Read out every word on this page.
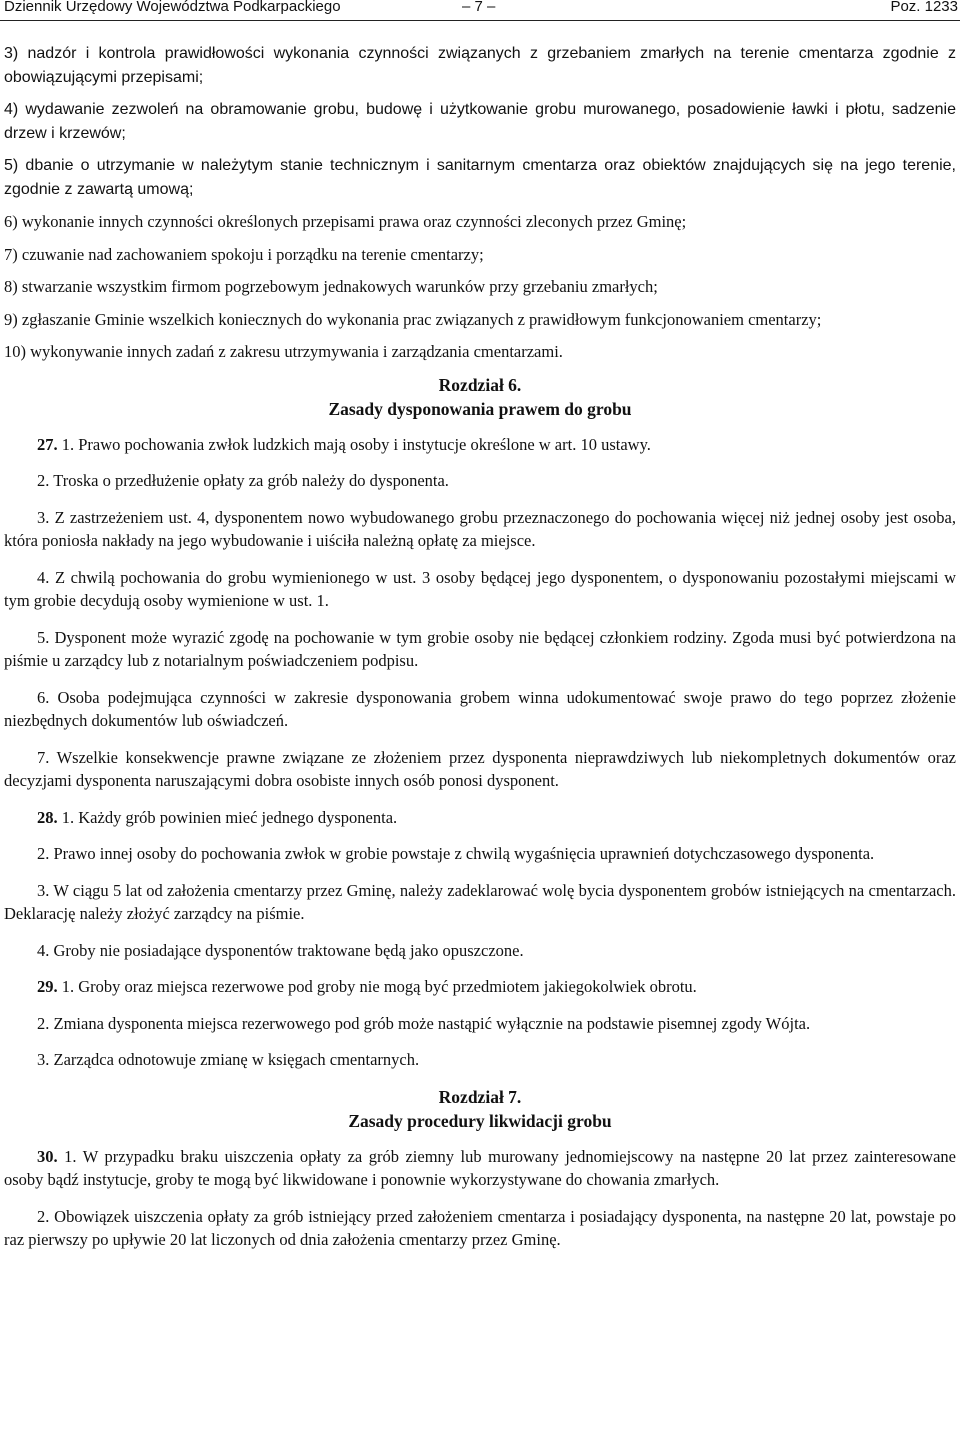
Dziennik Urzędowy Województwa Podkarpackiego	– 7 –	Poz. 1233

3) nadzór i kontrola prawidłowości wykonania czynności związanych z grzebaniem zmarłych na terenie cmentarza zgodnie z obowiązującymi przepisami;

4) wydawanie zezwoleń na obramowanie grobu, budowę i użytkowanie grobu murowanego, posadowienie ławki i płotu, sadzenie drzew i krzewów;

5) dbanie o utrzymanie w należytym stanie technicznym i sanitarnym cmentarza oraz obiektów znajdujących się na jego terenie, zgodnie z zawartą umową;

6) wykonanie innych czynności określonych przepisami prawa oraz czynności zleconych przez Gminę;

7) czuwanie nad zachowaniem spokoju i porządku na terenie cmentarzy;

8) stwarzanie wszystkim firmom pogrzebowym jednakowych warunków przy grzebaniu zmarłych;

9) zgłaszanie Gminie wszelkich koniecznych do wykonania prac związanych z prawidłowym funkcjonowaniem cmentarzy;

10) wykonywanie innych zadań z zakresu utrzymywania i zarządzania cmentarzami.

Rozdział 6.
Zasady dysponowania prawem do grobu

27. 1. Prawo pochowania zwłok ludzkich mają osoby i instytucje określone w art. 10 ustawy.

2. Troska o przedłużenie opłaty za grób należy do dysponenta.

3. Z zastrzeżeniem ust. 4, dysponentem nowo wybudowanego grobu przeznaczonego do pochowania więcej niż jednej osoby jest osoba, która poniosła nakłady na jego wybudowanie i uiściła należną opłatę za miejsce.

4. Z chwilą pochowania do grobu wymienionego w ust. 3 osoby będącej jego dysponentem, o dysponowaniu pozostałymi miejscami w tym grobie decydują osoby wymienione w ust. 1.

5. Dysponent może wyrazić zgodę na pochowanie w tym grobie osoby nie będącej członkiem rodziny. Zgoda musi być potwierdzona na piśmie u zarządcy lub z notarialnym poświadczeniem podpisu.

6. Osoba podejmująca czynności w zakresie dysponowania grobem winna udokumentować swoje prawo do tego poprzez złożenie niezbędnych dokumentów lub oświadczeń.

7. Wszelkie konsekwencje prawne związane ze złożeniem przez dysponenta nieprawdziwych lub niekompletnych dokumentów oraz decyzjami dysponenta naruszającymi dobra osobiste innych osób ponosi dysponent.

28. 1. Każdy grób powinien mieć jednego dysponenta.

2. Prawo innej osoby do pochowania zwłok w grobie powstaje z chwilą wygaśnięcia uprawnień dotychczasowego dysponenta.

3. W ciągu 5 lat od założenia cmentarzy przez Gminę, należy zadeklarować wolę bycia dysponentem grobów istniejących na cmentarzach. Deklarację należy złożyć zarządcy na piśmie.

4. Groby nie posiadające dysponentów traktowane będą jako opuszczone.

29. 1. Groby oraz miejsca rezerwowe pod groby nie mogą być przedmiotem jakiegokolwiek obrotu.

2. Zmiana dysponenta miejsca rezerwowego pod grób może nastąpić wyłącznie na podstawie pisemnej zgody Wójta.

3. Zarządca odnotowuje zmianę w księgach cmentarnych.

Rozdział 7.
Zasady procedury likwidacji grobu

30. 1. W przypadku braku uiszczenia opłaty za grób ziemny lub murowany jednomiejscowy na następne 20 lat przez zainteresowane osoby bądź instytucje, groby te mogą być likwidowane i ponownie wykorzystywane do chowania zmarłych.

2. Obowiązek uiszczenia opłaty za grób istniejący przed założeniem cmentarza i posiadający dysponenta, na następne 20 lat, powstaje po raz pierwszy po upływie 20 lat liczonych od dnia założenia cmentarzy przez Gminę.
